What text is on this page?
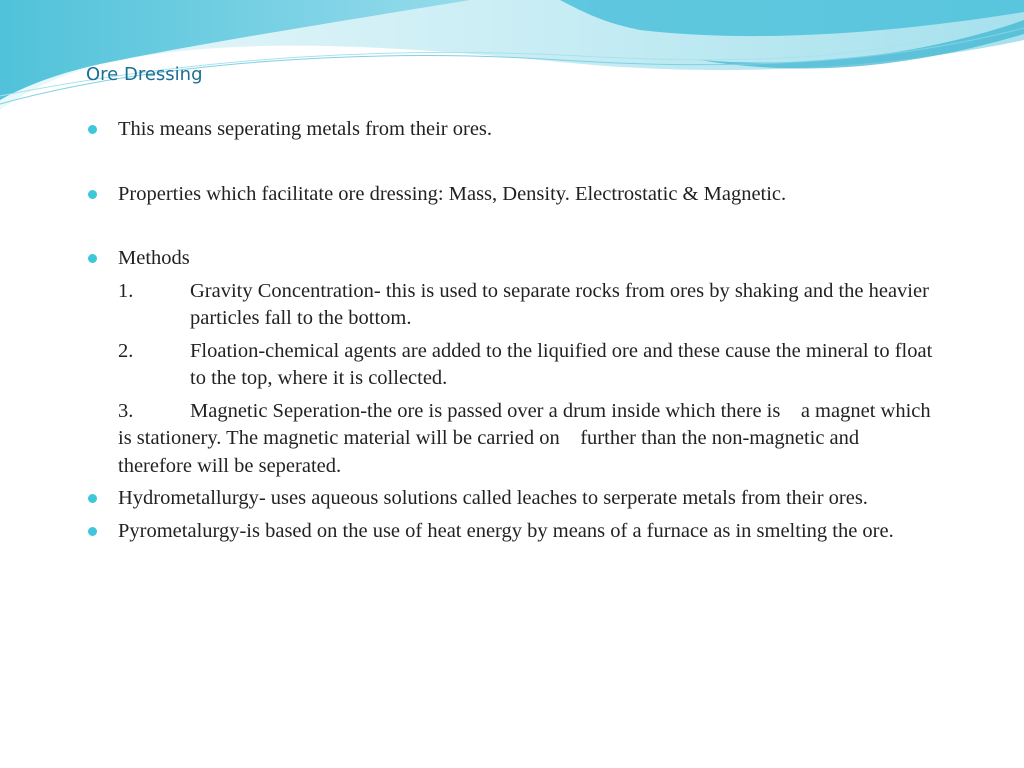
Ore Dressing
This means seperating metals from their ores.
Properties which facilitate ore dressing: Mass, Density. Electrostatic & Magnetic.
Methods
1.	Gravity Concentration- this is used to separate rocks from ores by shaking and the heavier particles fall to the bottom.
2.	Floation-chemical agents are added to the liquified ore and these cause the mineral to float to the top, where it is collected.
3.	Magnetic Seperation-the ore is passed over a drum inside which there is    a magnet which is stationery. The magnetic material will be carried on    further than the non-magnetic and therefore will be seperated.
Hydrometallurgy- uses aqueous solutions called leaches to serperate metals from their ores.
Pyrometalurgy-is based on the use of heat energy by means of a furnace as in smelting the ore.
